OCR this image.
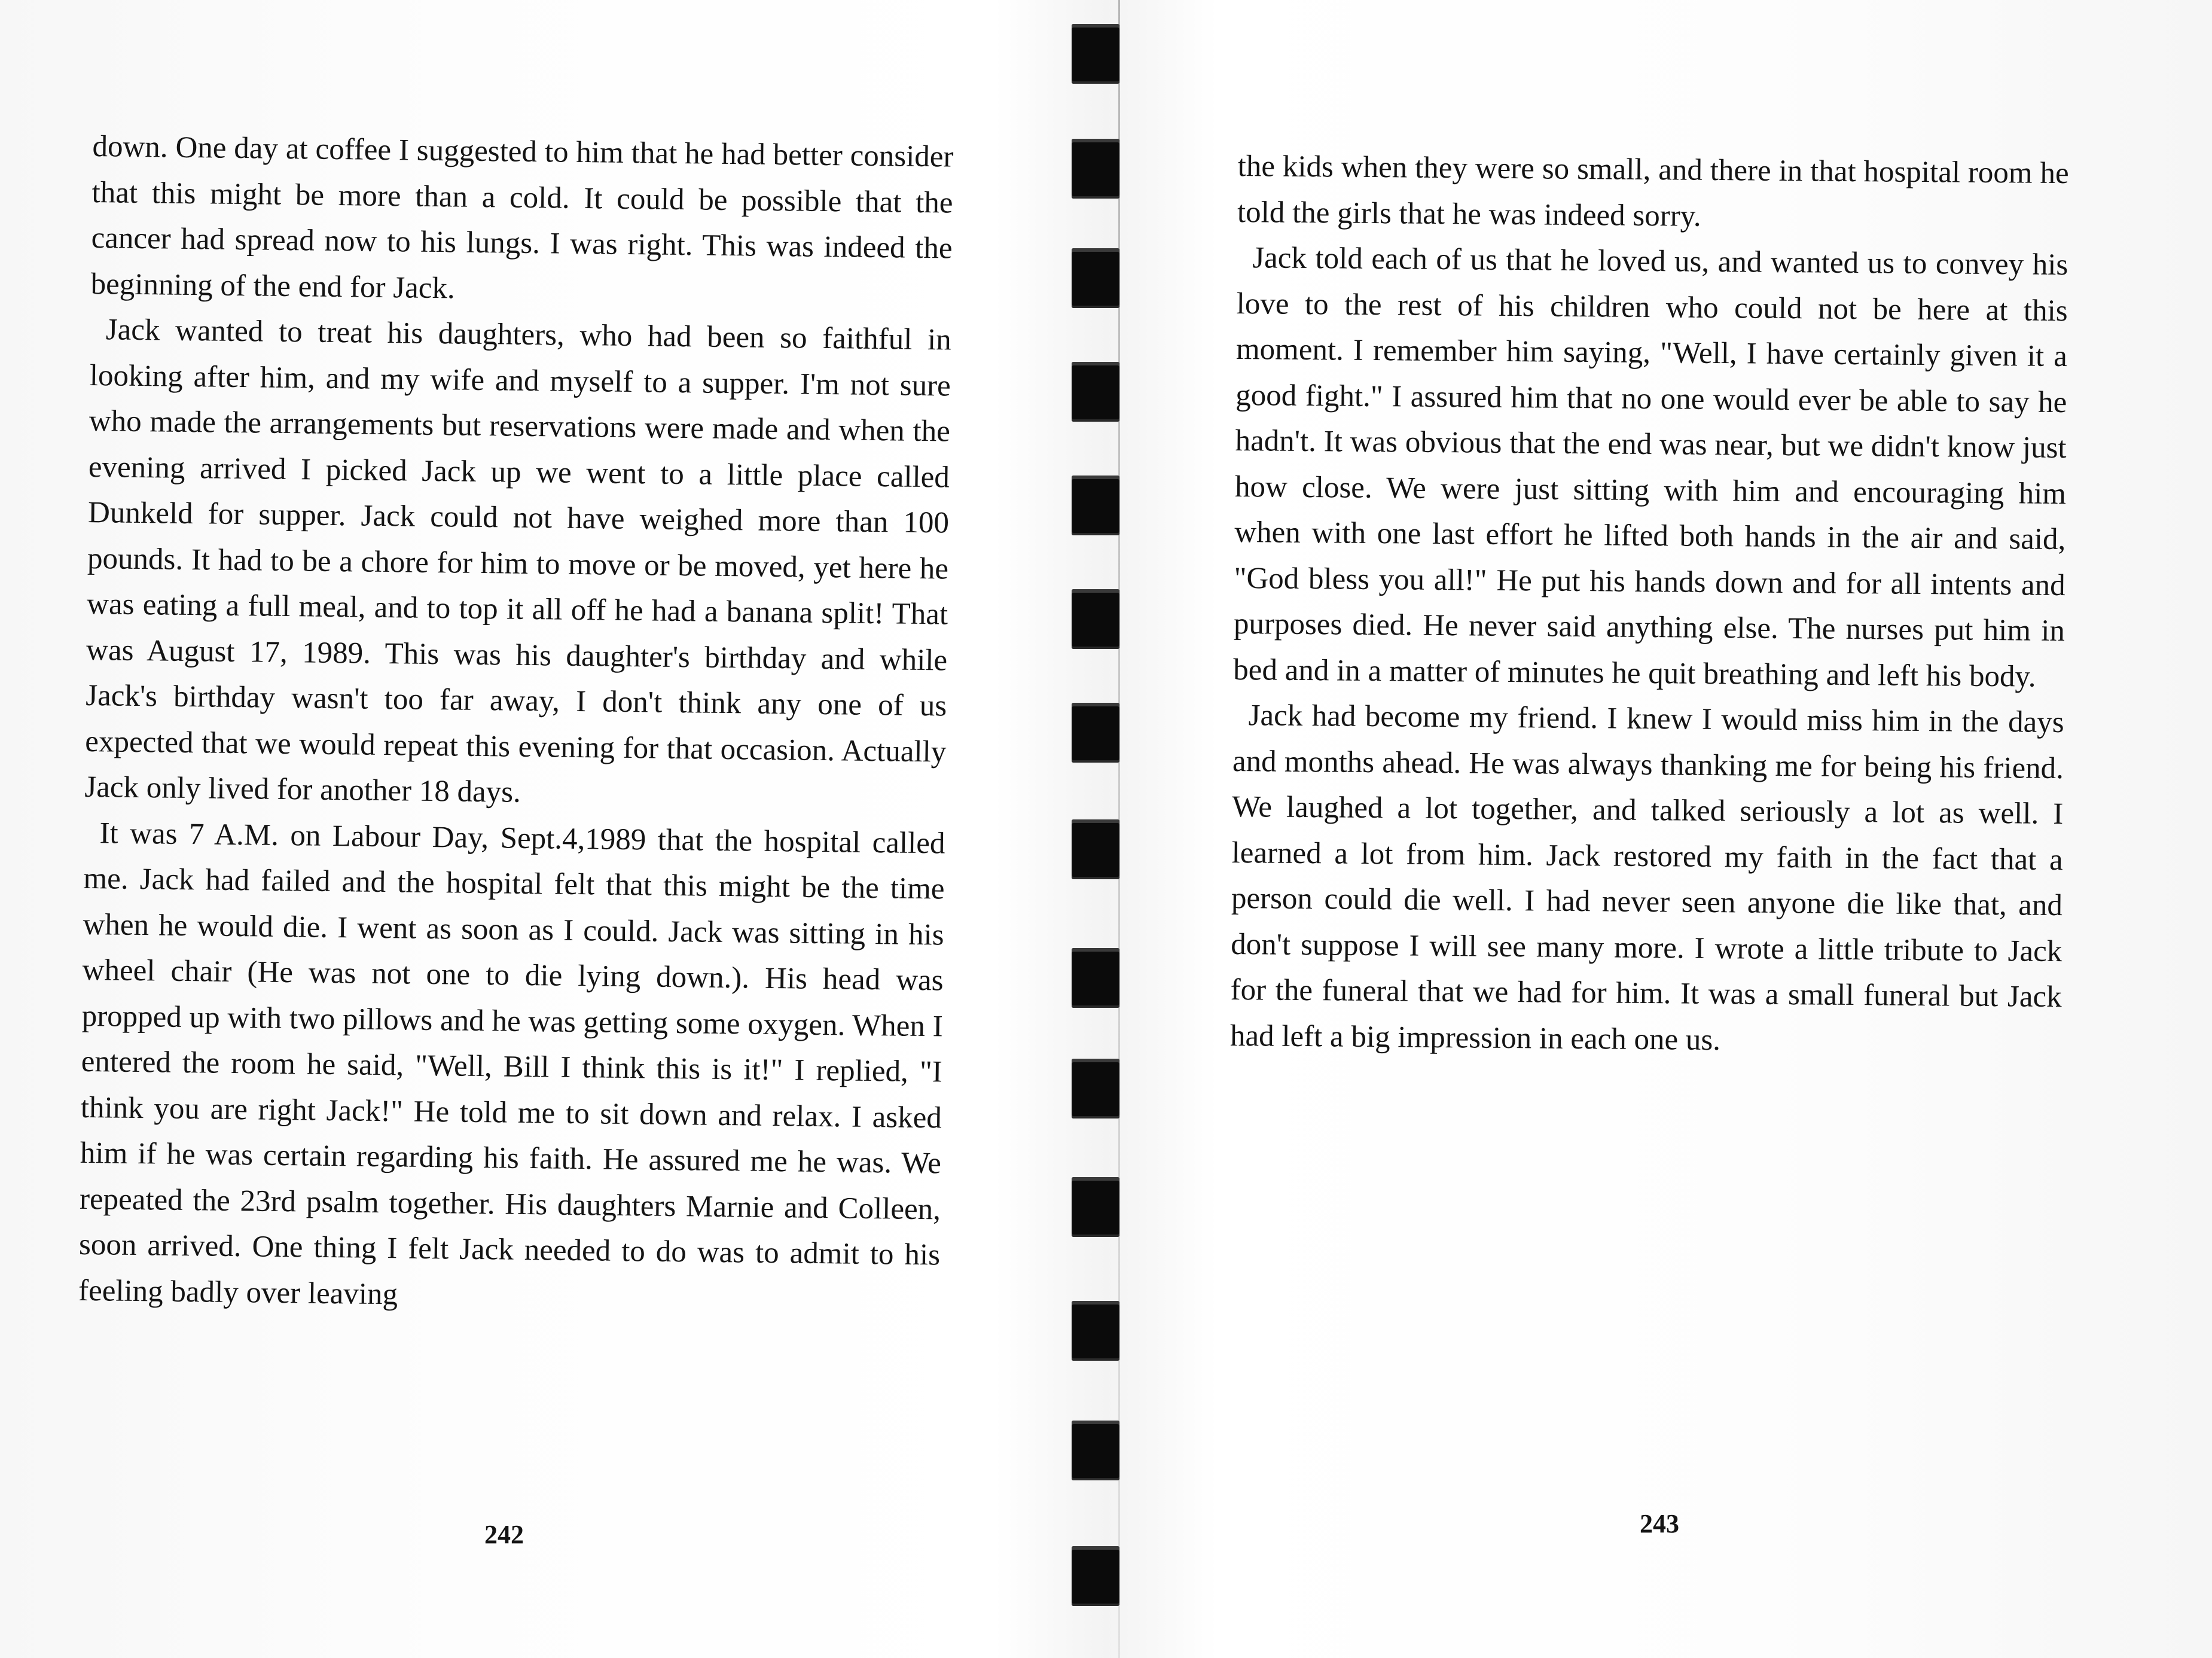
down. One day at coffee I suggested to him that he had better consider that this might be more than a cold. It could be possible that the cancer had spread now to his lungs. I was right. This was indeed the beginning of the end for Jack.

Jack wanted to treat his daughters, who had been so faithful in looking after him, and my wife and myself to a supper. I'm not sure who made the arrangements but reservations were made and when the evening arrived I picked Jack up we went to a little place called Dunkeld for supper. Jack could not have weighed more than 100 pounds. It had to be a chore for him to move or be moved, yet here he was eating a full meal, and to top it all off he had a banana split! That was August 17, 1989. This was his daughter's birthday and while Jack's birthday wasn't too far away, I don't think any one of us expected that we would repeat this evening for that occasion. Actually Jack only lived for another 18 days.

It was 7 A.M. on Labour Day, Sept.4,1989 that the hospital called me. Jack had failed and the hospital felt that this might be the time when he would die. I went as soon as I could. Jack was sitting in his wheel chair (He was not one to die lying down.). His head was propped up with two pillows and he was getting some oxygen. When I entered the room he said, "Well, Bill I think this is it!" I replied, "I think you are right Jack!" He told me to sit down and relax. I asked him if he was certain regarding his faith. He assured me he was. We repeated the 23rd psalm together. His daughters Marnie and Colleen, soon arrived. One thing I felt Jack needed to do was to admit to his feeling badly over leaving

242

the kids when they were so small, and there in that hospital room he told the girls that he was indeed sorry.

Jack told each of us that he loved us, and wanted us to convey his love to the rest of his children who could not be here at this moment. I remember him saying, "Well, I have certainly given it a good fight." I assured him that no one would ever be able to say he hadn't. It was obvious that the end was near, but we didn't know just how close. We were just sitting with him and encouraging him when with one last effort he lifted both hands in the air and said, "God bless you all!" He put his hands down and for all intents and purposes died. He never said anything else. The nurses put him in bed and in a matter of minutes he quit breathing and left his body.

Jack had become my friend. I knew I would miss him in the days and months ahead. He was always thanking me for being his friend. We laughed a lot together, and talked seriously a lot as well. I learned a lot from him. Jack restored my faith in the fact that a person could die well. I had never seen anyone die like that, and don't suppose I will see many more. I wrote a little tribute to Jack for the funeral that we had for him. It was a small funeral but Jack had left a big impression in each one us.

243
